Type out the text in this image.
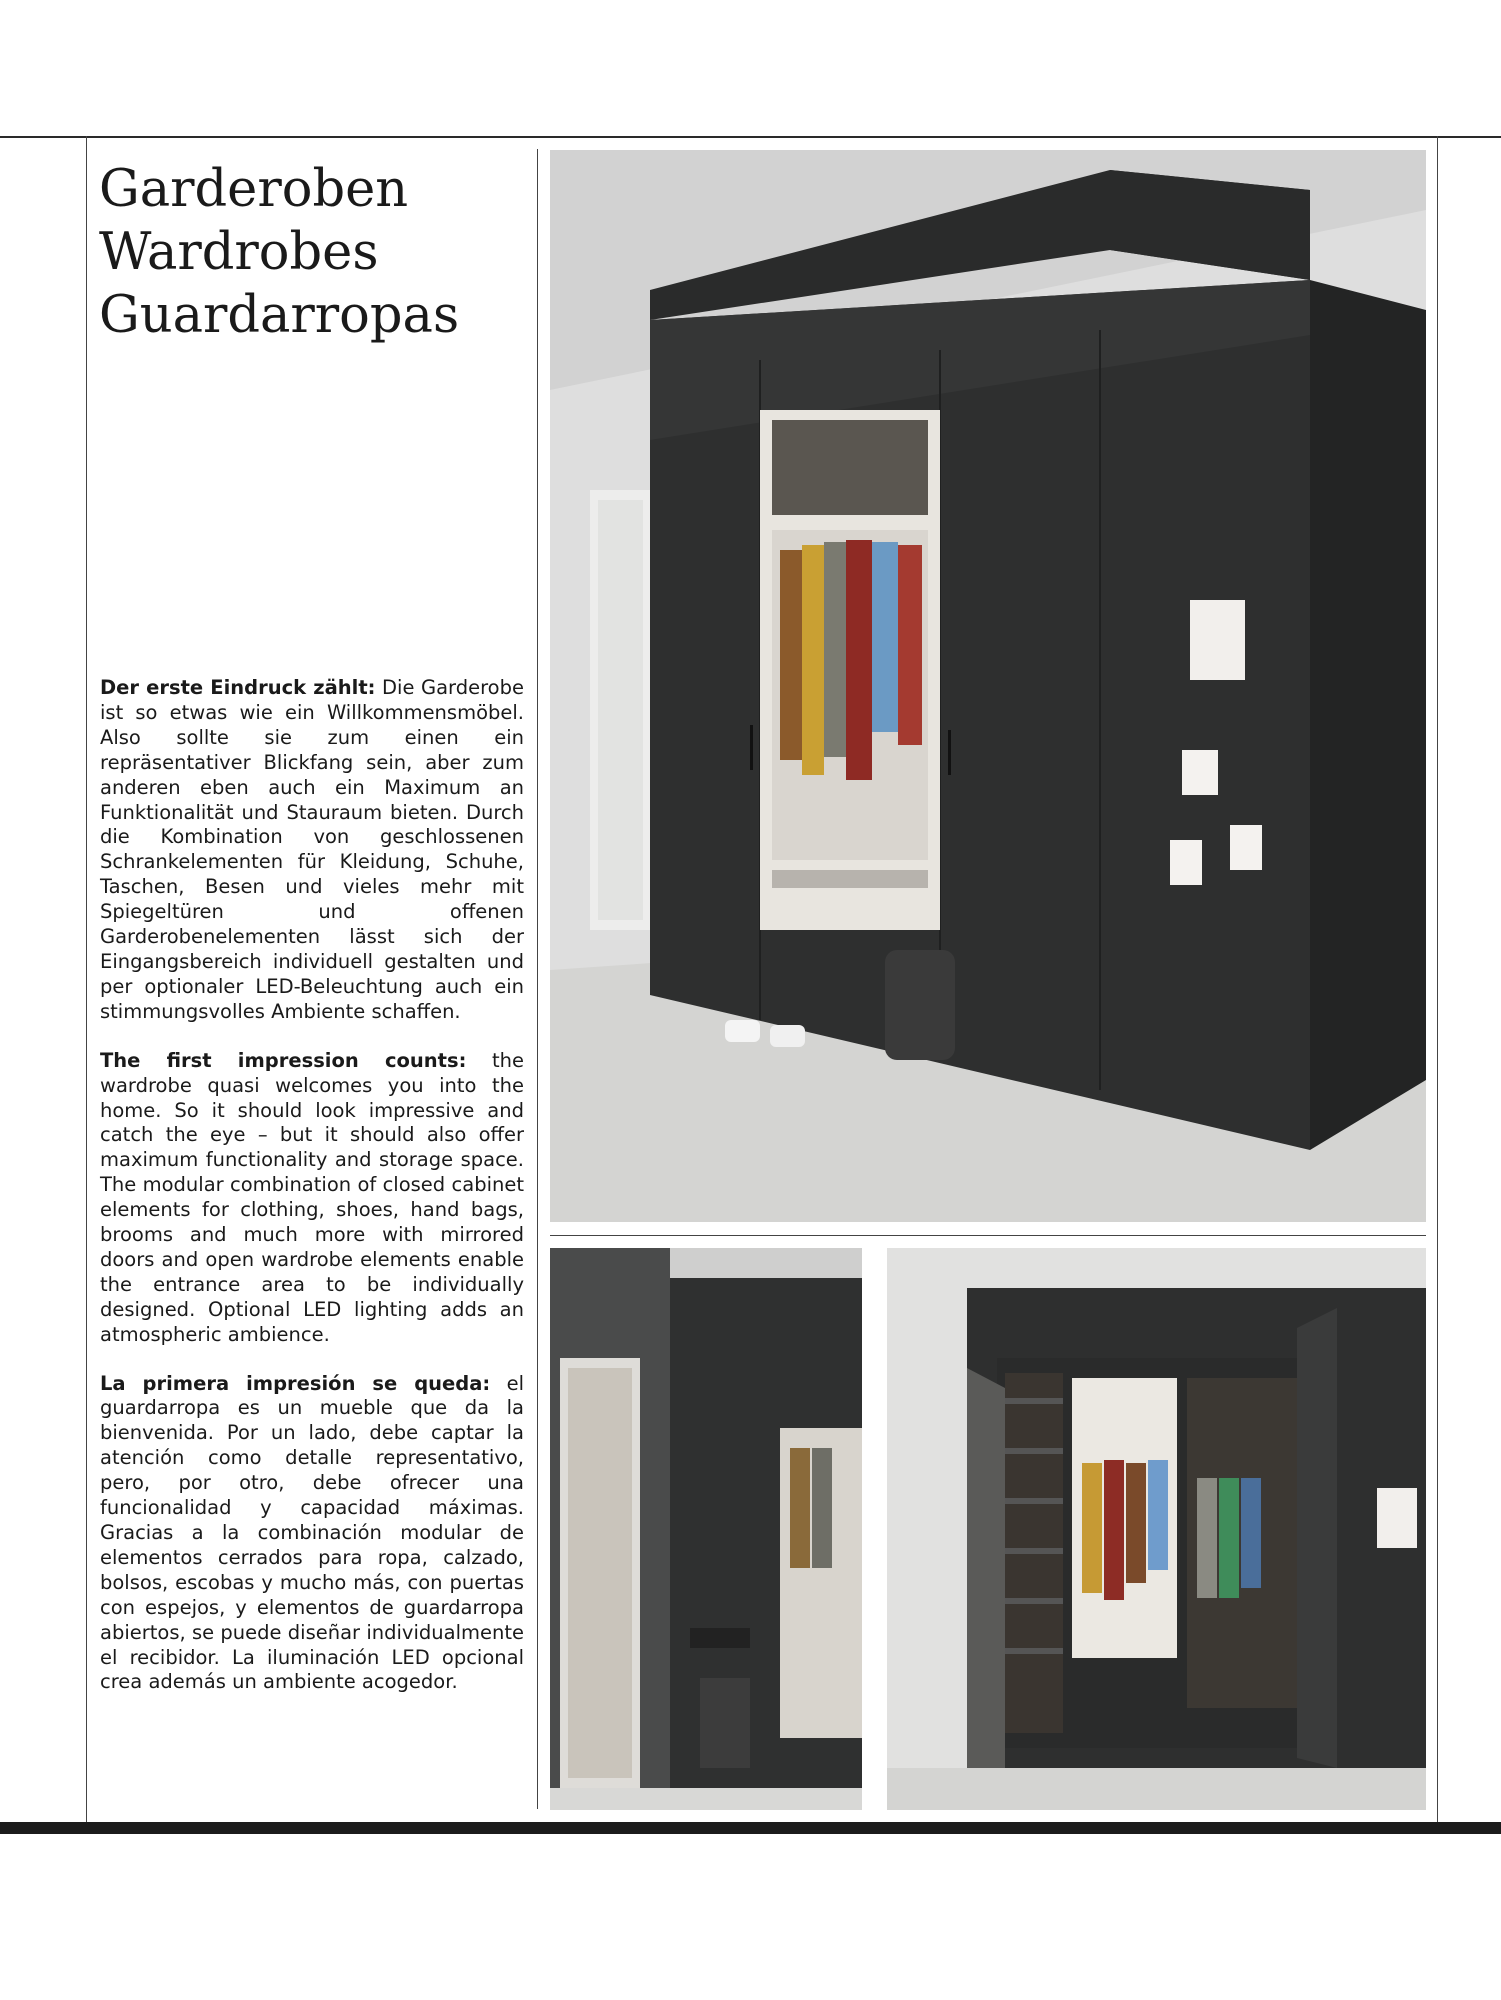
Garderoben
Wardrobes
Guardarropas

Der erste Eindruck zählt: Die Garderobe ist so etwas wie ein Willkommensmöbel. Also sollte sie zum einen ein repräsentativer Blickfang sein, aber zum anderen eben auch ein Maximum an Funktionalität und Stauraum bieten. Durch die Kombination von geschlossenen Schrankelementen für Kleidung, Schuhe, Taschen, Besen und vieles mehr mit Spiegeltüren und offenen Garderobenelementen lässt sich der Eingangsbereich individuell gestalten und per optionaler LED-Beleuchtung auch ein stimmungsvolles Ambiente schaffen.

The first impression counts: the wardrobe quasi welcomes you into the home. So it should look impressive and catch the eye – but it should also offer maximum functionality and storage space. The modular combination of closed cabinet elements for clothing, shoes, hand bags, brooms and much more with mirrored doors and open wardrobe elements enable the entrance area to be individually designed. Optional LED lighting adds an atmospheric ambience.

La primera impresión se queda: el guardarropa es un mueble que da la bienvenida. Por un lado, debe captar la atención como detalle representativo, pero, por otro, debe ofrecer una funcionalidad y capacidad máximas. Gracias a la combinación modular de elementos cerrados para ropa, calzado, bolsos, escobas y mucho más, con puertas con espejos, y elementos de guardarropa abiertos, se puede diseñar individualmente el recibidor. La iluminación LED opcional crea además un ambiente acogedor.
